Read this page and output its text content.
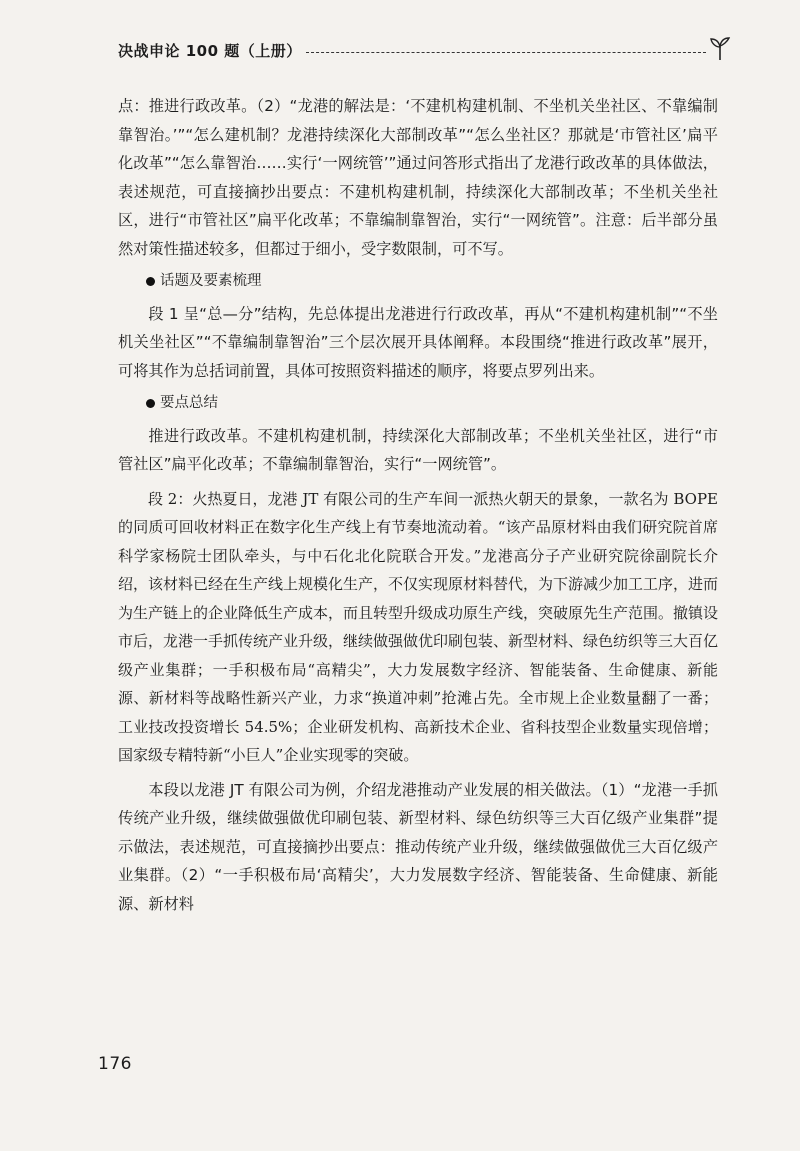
决战申论 100 题（上册）

点：推进行政改革。（2）“龙港的解法是：‘不建机构建机制、不坐机关坐社区、不靠编制靠智治。’”“怎么建机制？龙港持续深化大部制改革”“怎么坐社区？那就是‘市管社区’扁平化改革”“怎么靠智治……实行‘一网统管’”通过问答形式指出了龙港行政改革的具体做法，表述规范，可直接摘抄出要点：不建机构建机制，持续深化大部制改革；不坐机关坐社区，进行“市管社区”扁平化改革；不靠编制靠智治，实行“一网统管”。注意：后半部分虽然对策性描述较多，但都过于细小，受字数限制，可不写。

话题及要素梳理

段 1 呈“总—分”结构，先总体提出龙港进行行政改革，再从“不建机构建机制”“不坐机关坐社区”“不靠编制靠智治”三个层次展开具体阐释。本段围绕“推进行政改革”展开，可将其作为总括词前置，具体可按照资料描述的顺序，将要点罗列出来。

要点总结

推进行政改革。不建机构建机制，持续深化大部制改革；不坐机关坐社区，进行“市管社区”扁平化改革；不靠编制靠智治，实行“一网统管”。

段 2：火热夏日，龙港 JT 有限公司的生产车间一派热火朝天的景象，一款名为 BOPE 的同质可回收材料正在数字化生产线上有节奏地流动着。“该产品原材料由我们研究院首席科学家杨院士团队牵头，与中石化北化院联合开发。”龙港高分子产业研究院徐副院长介绍，该材料已经在生产线上规模化生产，不仅实现原材料替代，为下游减少加工工序，进而为生产链上的企业降低生产成本，而且转型升级成功原生产线，突破原先生产范围。撤镇设市后，龙港一手抓传统产业升级，继续做强做优印刷包装、新型材料、绿色纺织等三大百亿级产业集群；一手积极布局“高精尖”，大力发展数字经济、智能装备、生命健康、新能源、新材料等战略性新兴产业，力求“换道冲刺”抢滩占先。全市规上企业数量翻了一番；工业技改投资增长 54.5%；企业研发机构、高新技术企业、省科技型企业数量实现倍增；国家级专精特新“小巨人”企业实现零的突破。

本段以龙港 JT 有限公司为例，介绍龙港推动产业发展的相关做法。（1）“龙港一手抓传统产业升级，继续做强做优印刷包装、新型材料、绿色纺织等三大百亿级产业集群”提示做法，表述规范，可直接摘抄出要点：推动传统产业升级，继续做强做优三大百亿级产业集群。（2）“一手积极布局‘高精尖’，大力发展数字经济、智能装备、生命健康、新能源、新材料

176
